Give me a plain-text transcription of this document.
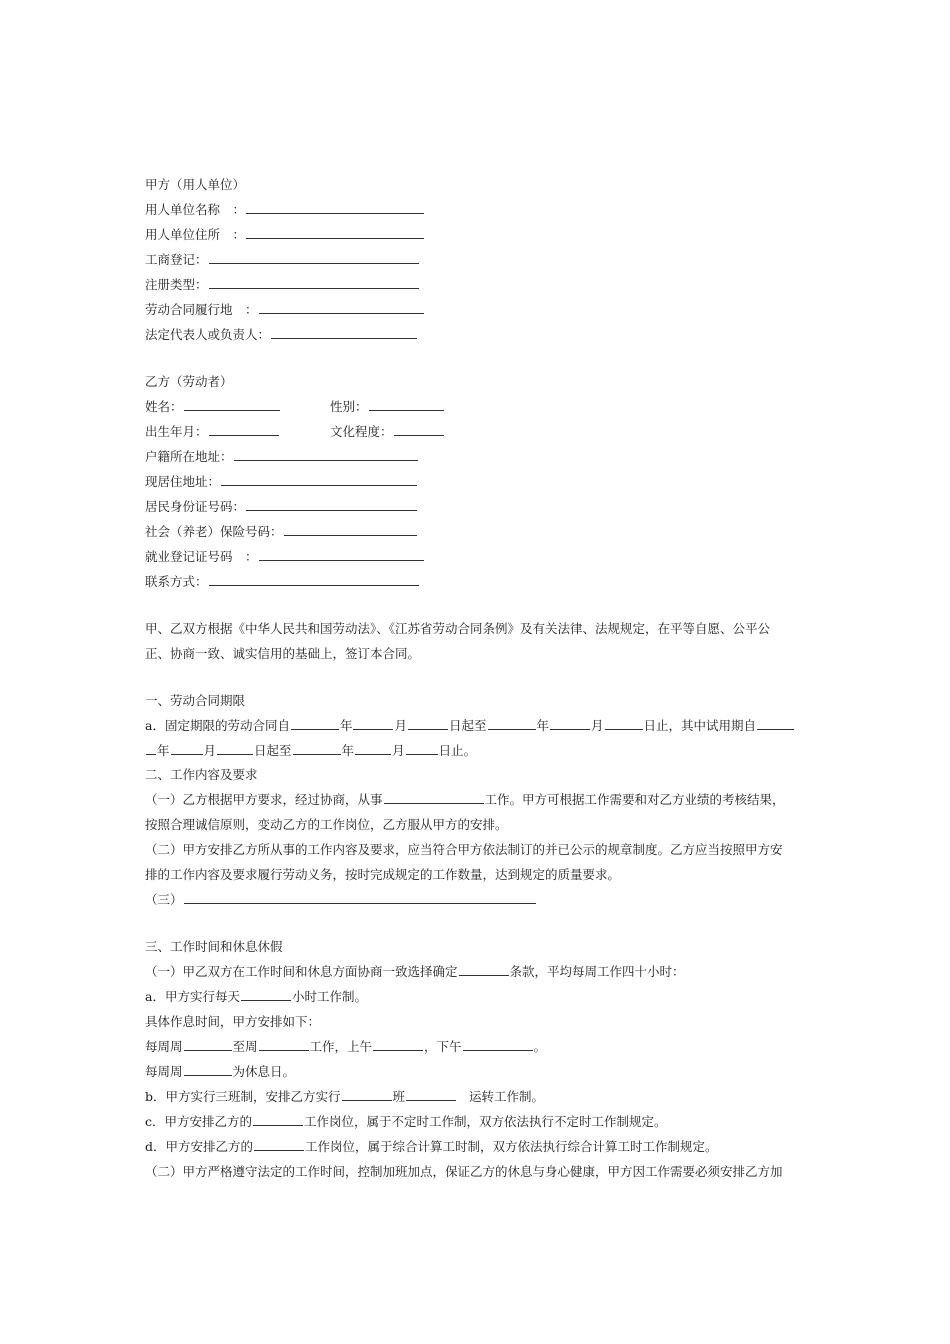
甲方（用人单位）
用人单位名称　：
用人单位住所　：
工商登记：
注册类型：
劳动合同履行地　：
法定代表人或负责人：
乙方（劳动者）
姓名：	性别：
出生年月：	文化程度：
户籍所在地址：
现居住地址：
居民身份证号码：
社会（养老）保险号码：
就业登记证号码　：
联系方式：
甲、乙双方根据《中华人民共和国劳动法》、《江苏省劳动合同条例》及有关法律、法规规定，在平等自愿、公平公
正、协商一致、诚实信用的基础上，签订本合同。
一、劳动合同期限
a．固定期限的劳动合同自	年	月	日起至	年	月	日止，其中试用期自
年	月	日起至	年	月	日止。
二、工作内容及要求
（一）乙方根据甲方要求，经过协商，从事	工作。甲方可根据工作需要和对乙方业绩的考核结果，
按照合理诚信原则，变动乙方的工作岗位，乙方服从甲方的安排。
（二）甲方安排乙方所从事的工作内容及要求，应当符合甲方依法制订的并已公示的规章制度。乙方应当按照甲方安
排的工作内容及要求履行劳动义务，按时完成规定的工作数量，达到规定的质量要求。
（三）
三、工作时间和休息休假
（一）甲乙双方在工作时间和休息方面协商一致选择确定	条款，平均每周工作四十小时：
a．甲方实行每天	小时工作制。
具体作息时间，甲方安排如下：
每周周	至周	工作，上午	，下午	。
每周周	为休息日。
b．甲方实行三班制，安排乙方实行	班	运转工作制。
c．甲方安排乙方的	工作岗位，属于不定时工作制，双方依法执行不定时工作制规定。
d．甲方安排乙方的	工作岗位，属于综合计算工时制，双方依法执行综合计算工时工作制规定。
（二）甲方严格遵守法定的工作时间，控制加班加点，保证乙方的休息与身心健康，甲方因工作需要必须安排乙方加
